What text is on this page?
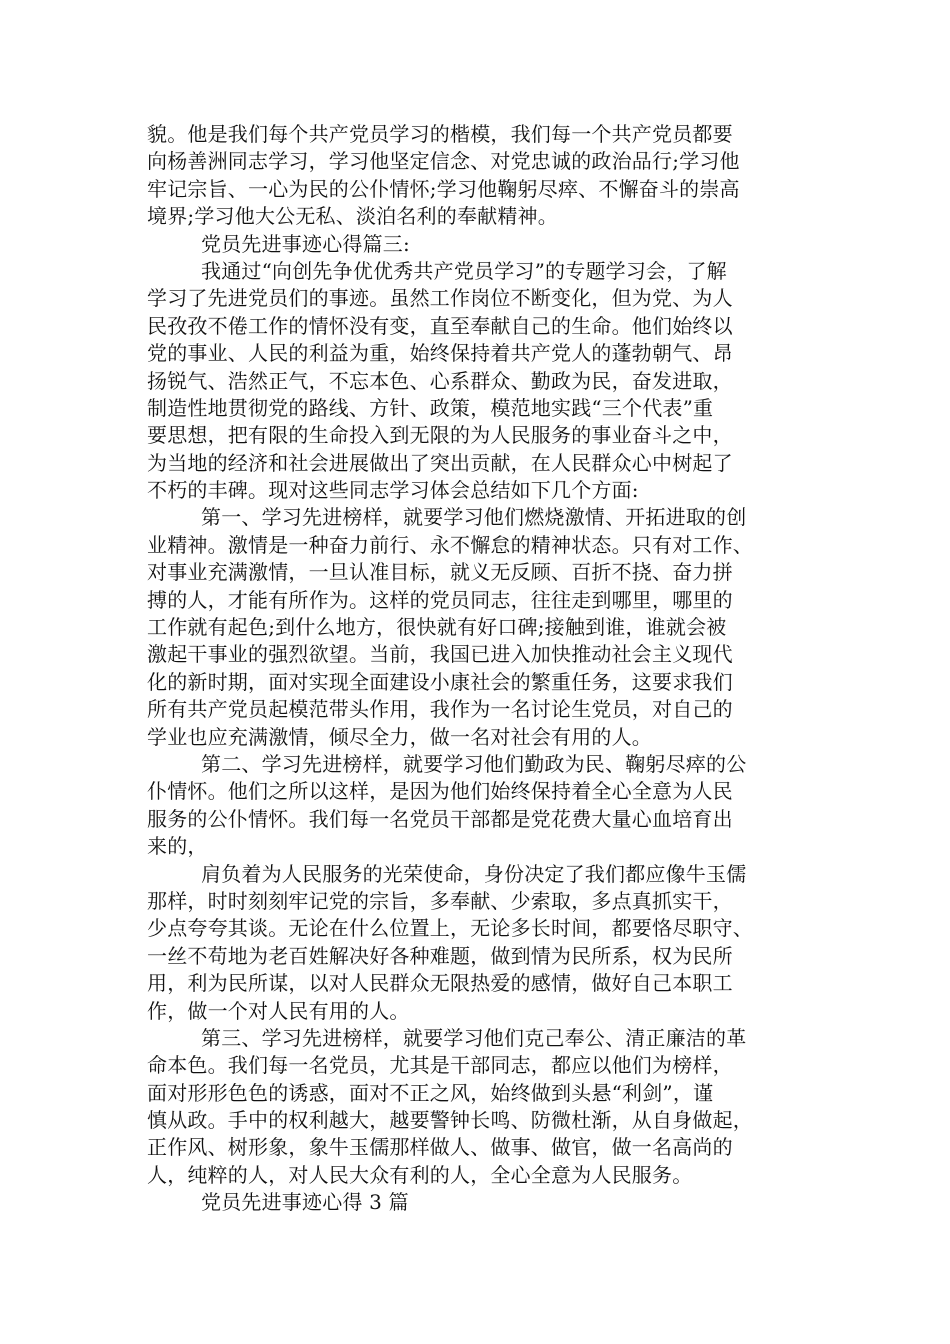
貌。他是我们每个共产党员学习的楷模，我们每一个共产党员都要
向杨善洲同志学习，学习他坚定信念、对党忠诚的政治品行;学习他
牢记宗旨、一心为民的公仆情怀;学习他鞠躬尽瘁、不懈奋斗的崇高
境界;学习他大公无私、淡泊名利的奉献精神。
党员先进事迹心得篇三:
我通过“向创先争优优秀共产党员学习”的专题学习会，了解
学习了先进党员们的事迹。虽然工作岗位不断变化，但为党、为人
民孜孜不倦工作的情怀没有变，直至奉献自己的生命。他们始终以
党的事业、人民的利益为重，始终保持着共产党人的蓬勃朝气、昂
扬锐气、浩然正气，不忘本色、心系群众、勤政为民，奋发进取，
制造性地贯彻党的路线、方针、政策，模范地实践“三个代表”重
要思想，把有限的生命投入到无限的为人民服务的事业奋斗之中，
为当地的经济和社会进展做出了突出贡献，在人民群众心中树起了
不朽的丰碑。现对这些同志学习体会总结如下几个方面:
第一、学习先进榜样，就要学习他们燃烧激情、开拓进取的创
业精神。激情是一种奋力前行、永不懈怠的精神状态。只有对工作、
对事业充满激情，一旦认准目标，就义无反顾、百折不挠、奋力拼
搏的人，才能有所作为。这样的党员同志，往往走到哪里，哪里的
工作就有起色;到什么地方，很快就有好口碑;接触到谁，谁就会被
激起干事业的强烈欲望。当前，我国已进入加快推动社会主义现代
化的新时期，面对实现全面建设小康社会的繁重任务，这要求我们
所有共产党员起模范带头作用，我作为一名讨论生党员，对自己的
学业也应充满激情，倾尽全力，做一名对社会有用的人。
第二、学习先进榜样，就要学习他们勤政为民、鞠躬尽瘁的公
仆情怀。他们之所以这样，是因为他们始终保持着全心全意为人民
服务的公仆情怀。我们每一名党员干部都是党花费大量心血培育出
来的，
肩负着为人民服务的光荣使命，身份决定了我们都应像牛玉儒
那样，时时刻刻牢记党的宗旨，多奉献、少索取，多点真抓实干，
少点夸夸其谈。无论在什么位置上，无论多长时间，都要恪尽职守、
一丝不苟地为老百姓解决好各种难题，做到情为民所系，权为民所
用，利为民所谋，以对人民群众无限热爱的感情，做好自己本职工
作，做一个对人民有用的人。
第三、学习先进榜样，就要学习他们克己奉公、清正廉洁的革
命本色。我们每一名党员，尤其是干部同志，都应以他们为榜样，
面对形形色色的诱惑，面对不正之风，始终做到头悬“利剑”，谨
慎从政。手中的权利越大，越要警钟长鸣、防微杜渐，从自身做起，
正作风、树形象，象牛玉儒那样做人、做事、做官，做一名高尚的
人，纯粹的人，对人民大众有利的人，全心全意为人民服务。
党员先进事迹心得 3 篇
